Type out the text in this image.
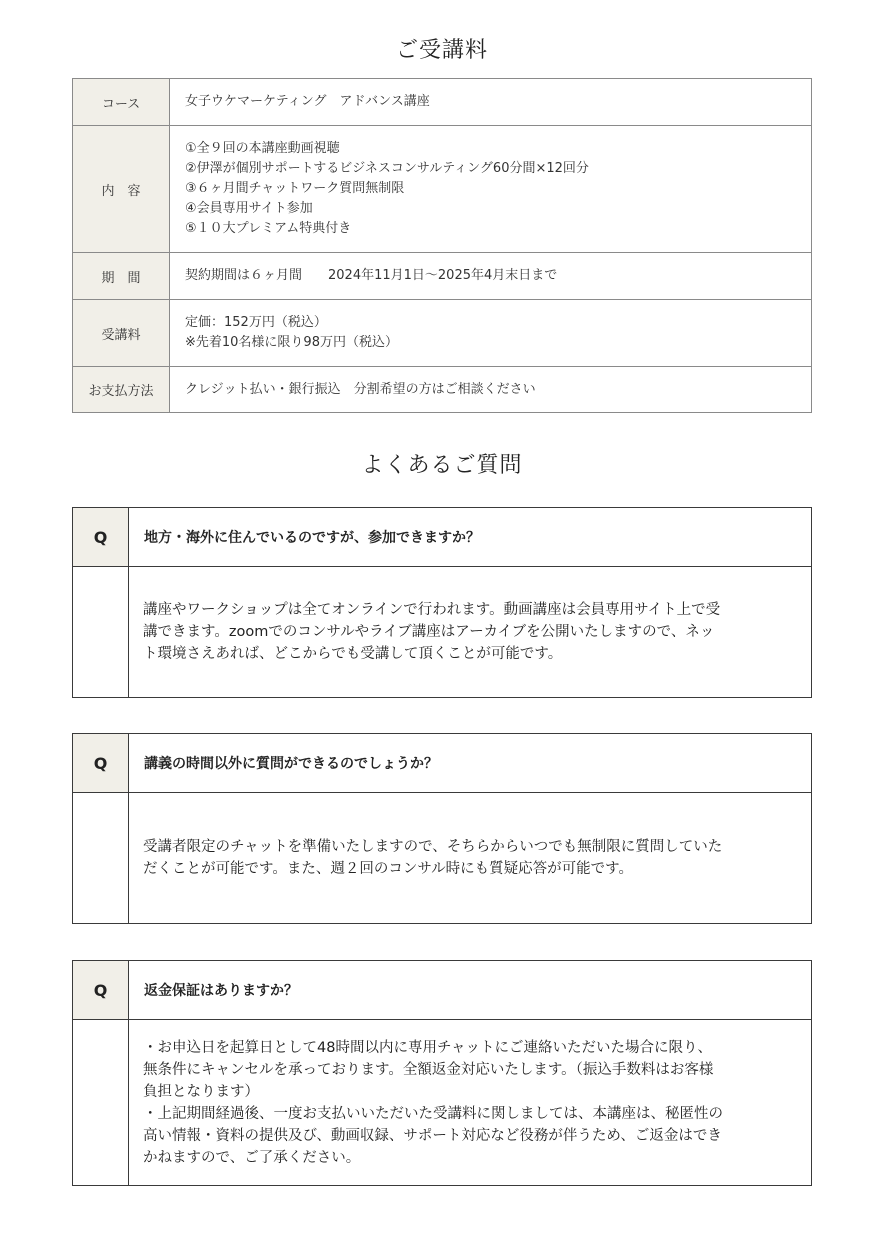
ご受講料
コース	女子ウケマーケティング　アドバンス講座

内　容	①全９回の本講座動画視聴
②伊澤が個別サポートするビジネスコンサルティング60分間×12回分
③６ヶ月間チャットワーク質問無制限
④会員専用サイト参加
⑤１０大プレミアム特典付き

期　間	契約期間は６ヶ月間　　2024年11月1日～2025年4月末日まで

受講料	定価：152万円（税込）
※先着10名様に限り98万円（税込）

お支払方法	クレジット払い・銀行振込　分割希望の方はご相談ください
よくあるご質問
Q	地方・海外に住んでいるのですが、参加できますか？
講座やワークショップは全てオンラインで行われます。動画講座は会員専用サイト上で受
講できます。zoomでのコンサルやライブ講座はアーカイブを公開いたしますので、ネッ
ト環境さえあれば、どこからでも受講して頂くことが可能です。
Q	講義の時間以外に質問ができるのでしょうか？
受講者限定のチャットを準備いたしますので、そちらからいつでも無制限に質問していた
だくことが可能です。また、週２回のコンサル時にも質疑応答が可能です。
Q	返金保証はありますか？
・お申込日を起算日として48時間以内に専用チャットにご連絡いただいた場合に限り、
無条件にキャンセルを承っております。全額返金対応いたします。（振込手数料はお客様
負担となります）
・上記期間経過後、一度お支払いいただいた受講料に関しましては、本講座は、秘匿性の
高い情報・資料の提供及び、動画収録、サポート対応など役務が伴うため、ご返金はでき
かねますので、ご了承ください。
